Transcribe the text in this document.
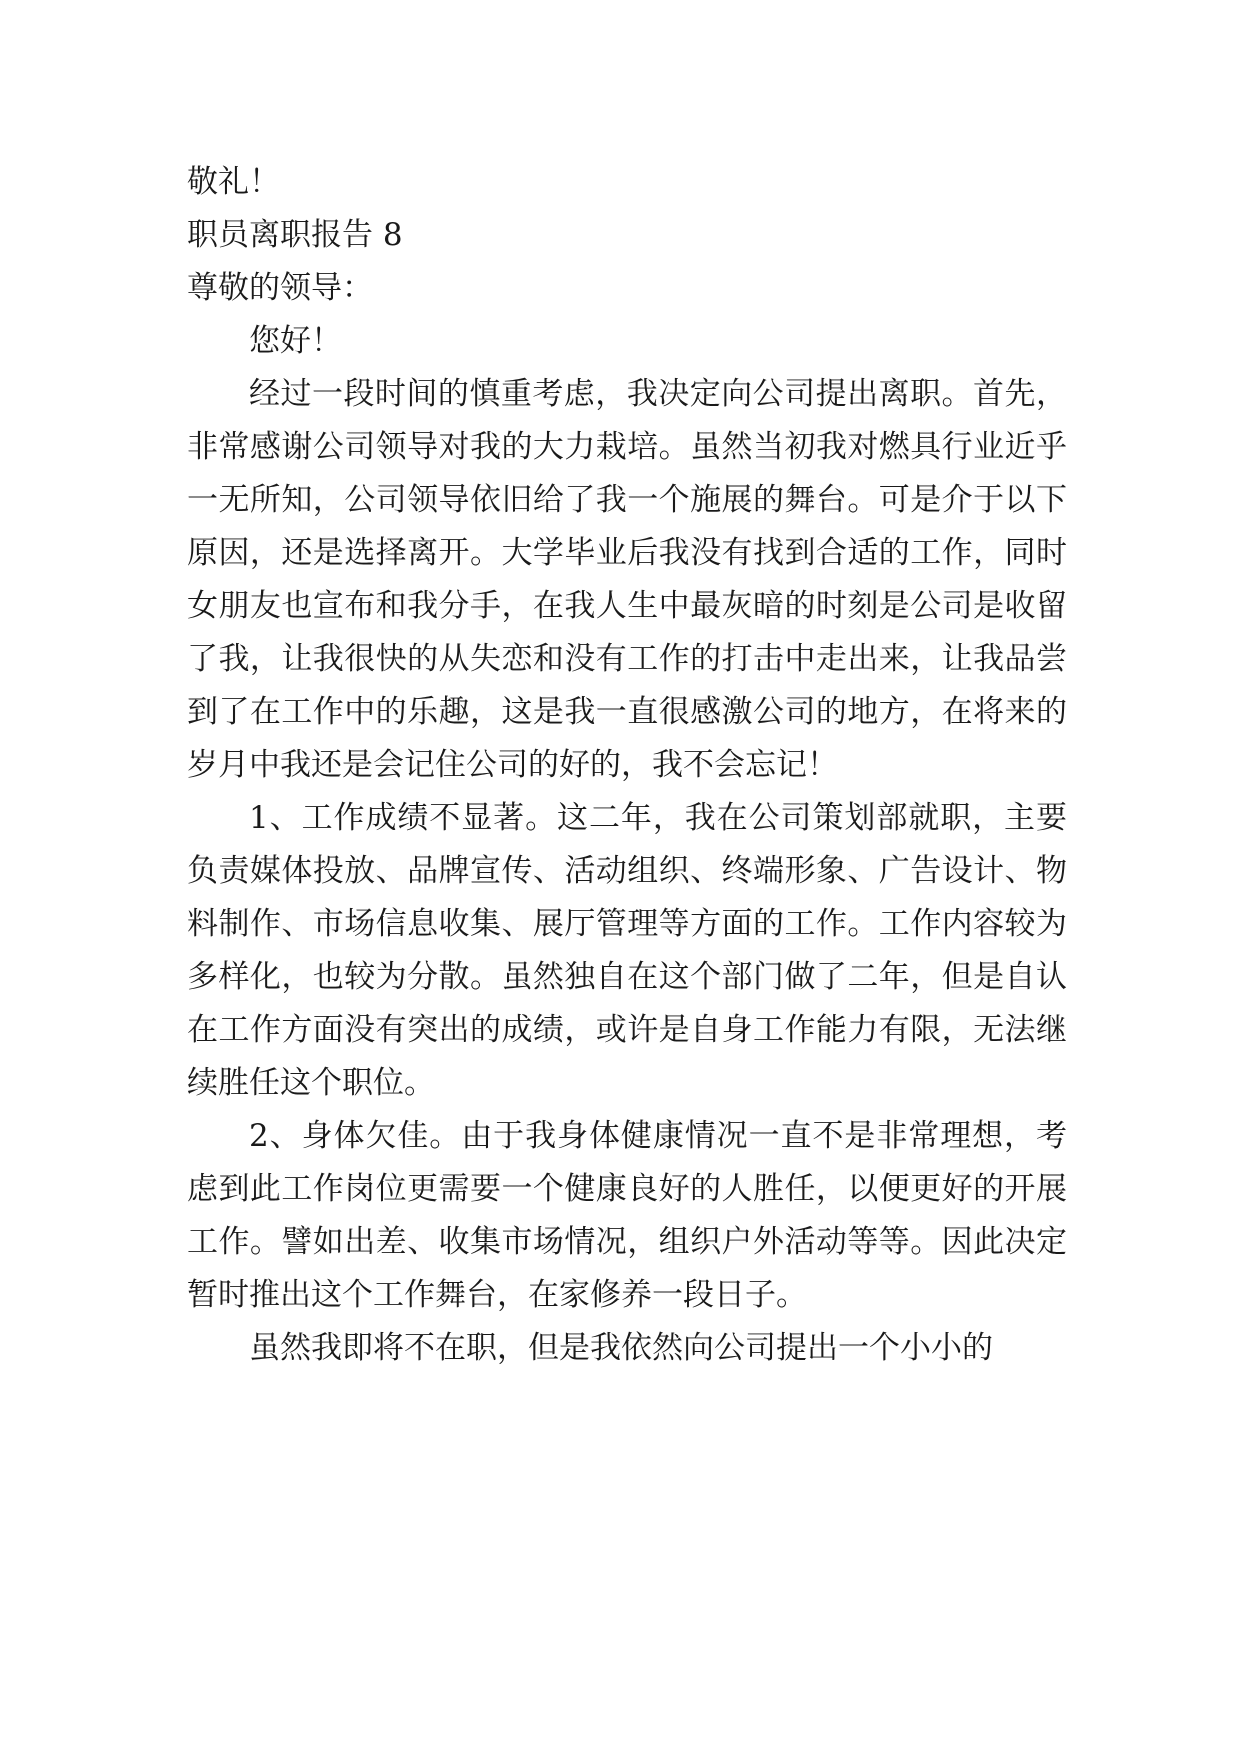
敬礼！

职员离职报告 8

尊敬的领导：

您好！

经过一段时间的慎重考虑，我决定向公司提出离职。首先，非常感谢公司领导对我的大力栽培。虽然当初我对燃具行业近乎一无所知，公司领导依旧给了我一个施展的舞台。可是介于以下原因，还是选择离开。大学毕业后我没有找到合适的工作，同时女朋友也宣布和我分手，在我人生中最灰暗的时刻是公司是收留了我，让我很快的从失恋和没有工作的打击中走出来，让我品尝到了在工作中的乐趣，这是我一直很感激公司的地方，在将来的岁月中我还是会记住公司的好的，我不会忘记！

1、工作成绩不显著。这二年，我在公司策划部就职，主要负责媒体投放、品牌宣传、活动组织、终端形象、广告设计、物料制作、市场信息收集、展厅管理等方面的工作。工作内容较为多样化，也较为分散。虽然独自在这个部门做了二年，但是自认在工作方面没有突出的成绩，或许是自身工作能力有限，无法继续胜任这个职位。

2、身体欠佳。由于我身体健康情况一直不是非常理想，考虑到此工作岗位更需要一个健康良好的人胜任，以便更好的开展工作。譬如出差、收集市场情况，组织户外活动等等。因此决定暂时推出这个工作舞台，在家修养一段日子。

虽然我即将不在职，但是我依然向公司提出一个小小的
